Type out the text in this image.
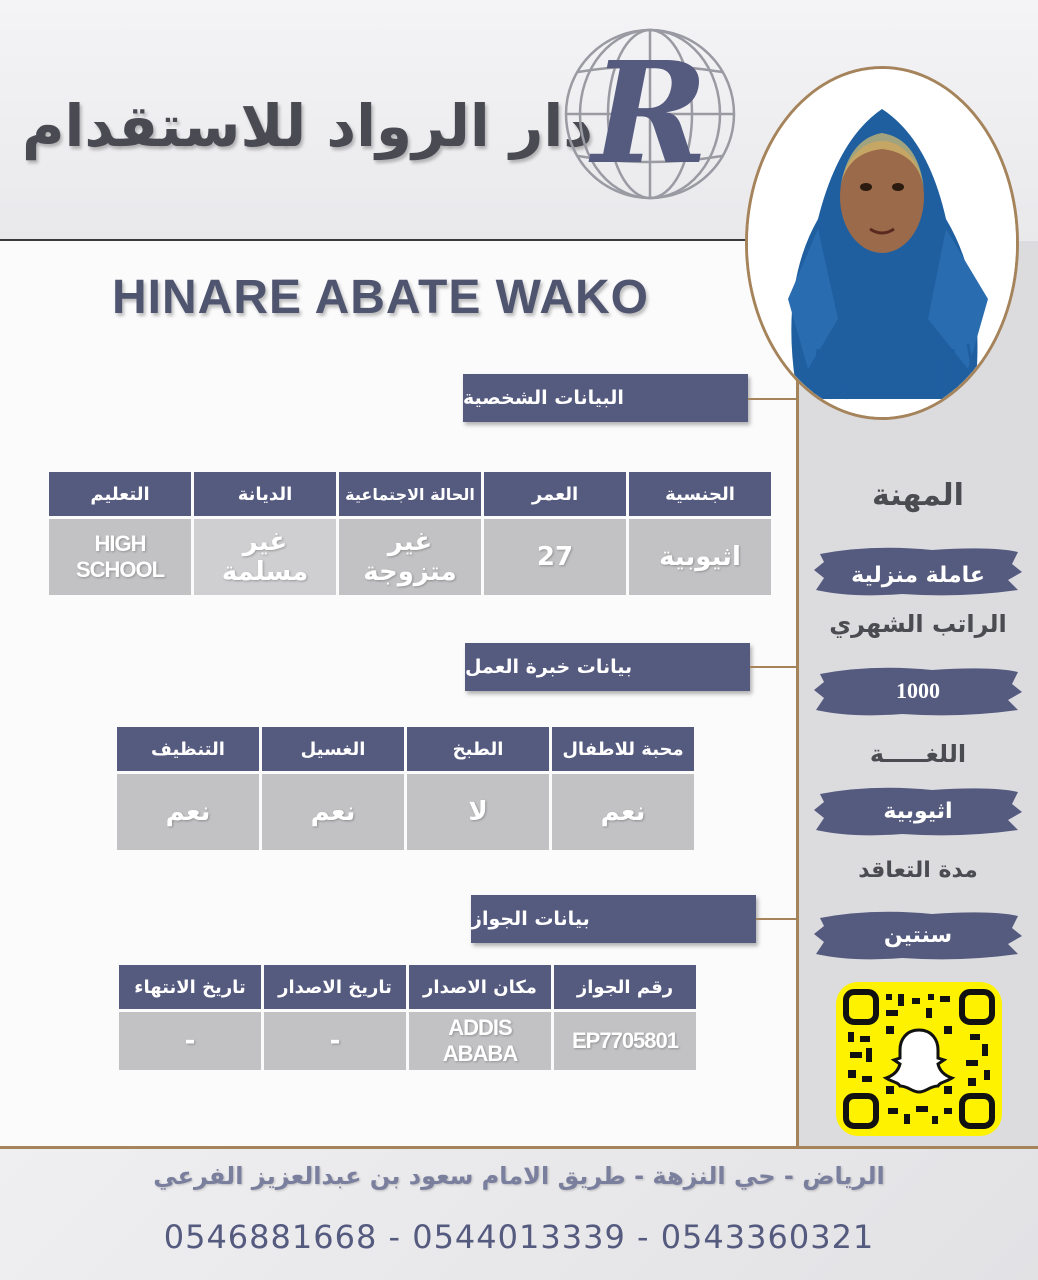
دار الرواد للاستقدام
R
HINARE ABATE WAKO
البيانات الشخصية
التعليم	الديانة	الحالة الاجتماعية	العمر	الجنسية
HIGH SCHOOL	غير مسلمة	غير متزوجة	27	اثيوبية
بيانات خبرة العمل
التنظيف	الغسيل	الطبخ	محبة للاطفال
نعم	نعم	لا	نعم
بيانات الجواز
تاريخ الانتهاء	تاريخ الاصدار	مكان الاصدار	رقم الجواز
-	-	ADDIS ABABA	EP7705801
المهنة
عاملة منزلية
الراتب الشهري
1000
اللغـــــة
اثيوبية
مدة التعاقد
سنتين
الرياض - حي النزهة - طريق الامام سعود بن عبدالعزيز الفرعي
0546881668 - 0544013339 - 0543360321
